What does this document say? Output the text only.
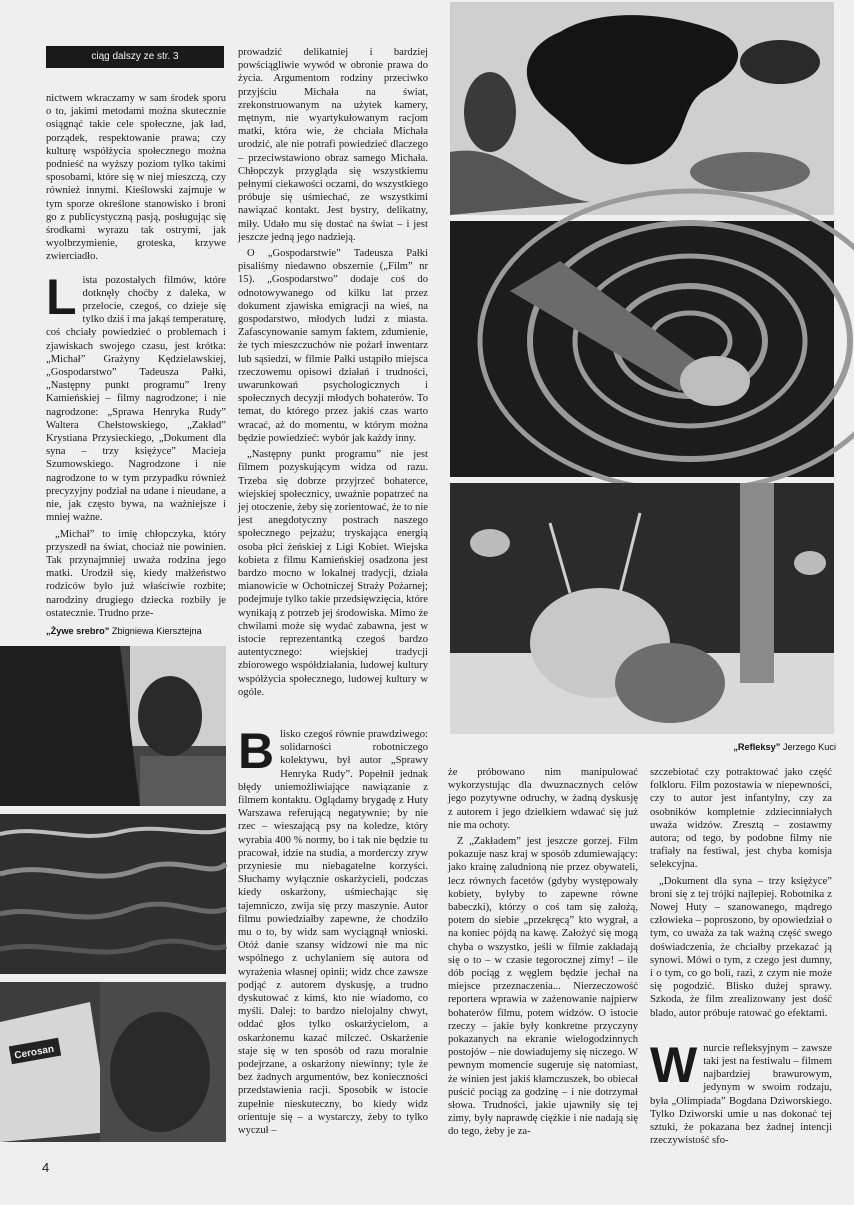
ciąg dalszy ze str. 3

nictwem wkraczamy w sam środek sporu o to, jakimi metodami można skutecznie osiągnąć takie cele społeczne, jak ład, porządek, respektowanie prawa; czy kulturę współżycia społecznego można podnieść na wyższy poziom tylko takimi sposobami, które się w niej mieszczą, czy również innymi. Kieślowski zajmuje w tym sporze określone stanowisko i broni go z publicystyczną pasją, posługując się środkami wyrazu tak ostrymi, jak wyolbrzymienie, groteska, krzywe zwierciadło.

Lista pozostałych filmów, które dotknęły choćby z daleka, w przelocie, czegoś, co dzieje się tylko dziś i ma jakąś temperaturę, coś chciały powiedzieć o problemach i zjawiskach swojego czasu, jest krótka: „Michał” Grażyny Kędzielawskiej, „Gospodarstwo” Tadeusza Pałki, „Następny punkt programu” Ireny Kamieńskiej – filmy nagrodzone; i nie nagrodzone: „Sprawa Henryka Rudy” Waltera Chełstowskiego, „Zakład” Krystiana Przysieckiego, „Dokument dla syna – trzy księżyce” Macieja Szumowskiego. Nagrodzone i nie nagrodzone to w tym przypadku również precyzyjny podział na udane i nieudane, a nie, jak często bywa, na ważniejsze i mniej ważne.

„Michał” to imię chłopczyka, który przyszedł na świat, chociaż nie powinien. Tak przynajmniej uważa rodzina jego matki. Urodził się, kiedy małżeństwo rodziców było już właściwie rozbite; narodziny drugiego dziecka rozbiły je ostatecznie. Trudno prze-

„Żywe srebro” Zbigniewa Kiersztejna

prowadzić delikatniej i bardziej powściągliwie wywód w obronie prawa do życia. Argumentom rodziny przeciwko przyjściu Michała na świat, zrekonstruowanym na użytek kamery, mętnym, nie wyartykułowanym racjom matki, która wie, że chciała Michała urodzić, ale nie potrafi powiedzieć dlaczego – przeciwstawiono obraz samego Michała. Chłopczyk przygląda się wszystkiemu pełnymi ciekawości oczami, do wszystkiego próbuje się uśmiechać, ze wszystkimi nawiązać kontakt. Jest bystry, delikatny, miły. Udało mu się dostać na świat – i jest jeszcze jedną jego nadzieją.

O „Gospodarstwie” Tadeusza Pałki pisaliśmy niedawno obszernie („Film” nr 15). „Gospodarstwo” dodaje coś do odnotowywanego od kilku lat przez dokument zjawiska emigracji na wieś, na gospodarstwo, młodych ludzi z miasta. Zafascynowanie samym faktem, zdumienie, że tych mieszczuchów nie pożarł inwentarz lub sąsiedzi, w filmie Pałki ustąpiło miejsca rzeczowemu opisowi działań i trudności, uwarunkowań psychologicznych i społecznych decyzji młodych bohaterów. To temat, do którego przez jakiś czas warto wracać, aż do momentu, w którym można będzie powiedzieć: wybór jak każdy inny.

„Następny punkt programu” nie jest filmem pozyskującym widza od razu. Trzeba się dobrze przyjrzeć bohaterce, wiejskiej społecznicy, uważnie popatrzeć na jej otoczenie, żeby się zorientować, że to nie jest anegdotyczny postrach naszego społecznego pejzażu; tryskająca energią osoba płci żeńskiej z Ligi Kobiet. Wiejska kobieta z filmu Kamieńskiej osadzona jest bardzo mocno w lokalnej tradycji, działa mianowicie w Ochotniczej Straży Pożarnej; podejmuje tylko takie przedsięwzięcia, które wynikają z potrzeb jej środowiska. Mimo że chwilami może się wydać zabawna, jest w istocie reprezentantką czegoś bardzo autentycznego: wiejskiej tradycji zbiorowego współdziałania, ludowej kultury współżycia społecznego, ludowej kultury w ogóle.

Blisko czegoś równie prawdziwego: solidarności robotniczego kolektywu, był autor „Sprawy Henryka Rudy”. Popełnił jednak błędy uniemożliwiające nawiązanie z filmem kontaktu. Oglądamy brygadę z Huty Warszawa referującą negatywnie; by nie rzec – wieszającą psy na koledze, który wyrabia 400 % normy, bo i tak nie będzie tu pracował, idzie na studia, a morderczy zryw przyniesie mu niebagatelne korzyści. Słuchamy wyłącznie oskarżycieli, podczas kiedy oskarżony, uśmiechając się tajemniczo, zwija się przy maszynie. Autor filmu powiedziałby zapewne, że chodziło mu o to, by widz sam wyciągnął wnioski. Otóż danie szansy widzowi nie ma nic wspólnego z uchylaniem się autora od wyrażenia własnej opinii; widz chce zawsze podjąć z autorem dyskusję, a trudno dyskutować z kimś, kto nie wiadomo, co myśli. Dalej: to bardzo nielojalny chwyt, oddać głos tylko oskarżycielom, a oskarżonemu kazać milczeć. Oskarżenie staje się w ten sposób od razu moralnie podejrzane, a oskarżony niewinny; tyle że bez żadnych argumentów, bez konieczności przedstawienia racji. Sposobik w istocie zupełnie nieskuteczny, bo kiedy widz orientuje się – a wystarczy, żeby to tylko wyczuł –

że próbowano nim manipulować wykorzystując dla dwuznacznych celów jego pozytywne odruchy, w żadną dyskusję z autorem i jego dzielkiem wdawać się już nie ma ochoty.

Z „Zakładem” jest jeszcze gorzej. Film pokazuje nasz kraj w sposób zdumiewający: jako krainę zaludnioną nie przez obywateli, lecz równych facetów (gdyby występowały kobiety, byłyby to zapewne równe babeczki), którzy o coś tam się założą, potem do siebie „przekręcą” kto wygrał, a na koniec pójdą na kawę. Założyć się mogą chyba o wszystko, jeśli w filmie zakładają się o to – w czasie tegorocznej zimy! – ile dób pociąg z węglem będzie jechał na miejsce przeznaczenia... Nierzeczowość reportera wprawia w zażenowanie najpierw bohaterów filmu, potem widzów. O istocie rzeczy – jakie były konkretne przyczyny pokazanych na ekranie wielogodzinnych postojów – nie dowiadujemy się niczego. W pewnym momencie sugeruje się natomiast, że winien jest jakiś kłamczuszek, bo obiecał puścić pociąg za godzinę – i nie dotrzymał słowa. Trudności, jakie ujawniły się tej zimy, były naprawdę ciężkie i nie nadają się do tego, żeby je za-

szczebiotać czy potraktować jako część folkloru. Film pozostawia w niepewności, czy to autor jest infantylny, czy za osobników kompletnie zdziecinniałych uważa widzów. Zresztą – zostawmy autora; od tego, by podobne filmy nie trafiały na festiwal, jest chyba komisja selekcyjna.

„Dokument dla syna – trzy księżyce” broni się z tej trójki najlepiej. Robotnika z Nowej Huty – szanowanego, mądrego człowieka – poproszono, by opowiedział o tym, co uważa za tak ważną część swego doświadczenia, że chciałby przekazać ją synowi. Mówi o tym, z czego jest dumny, i o tym, co go boli, razi, z czym nie może się pogodzić. Blisko dużej sprawy. Szkoda, że film zrealizowany jest dość blado, autor próbuje ratować go efektami.

Wnurcie refleksyjnym – zawsze taki jest na festiwalu – filmem najbardziej brawurowym, jedynym w swoim rodzaju, była „Olimpiada” Bogdana Dziworskiego. Tylko Dziworski umie u nas dokonać tej sztuki, że pokazana bez żadnej intencji rzeczywistość sfo-

„Refleksy” Jerzego Kuci
Cerosan
4
